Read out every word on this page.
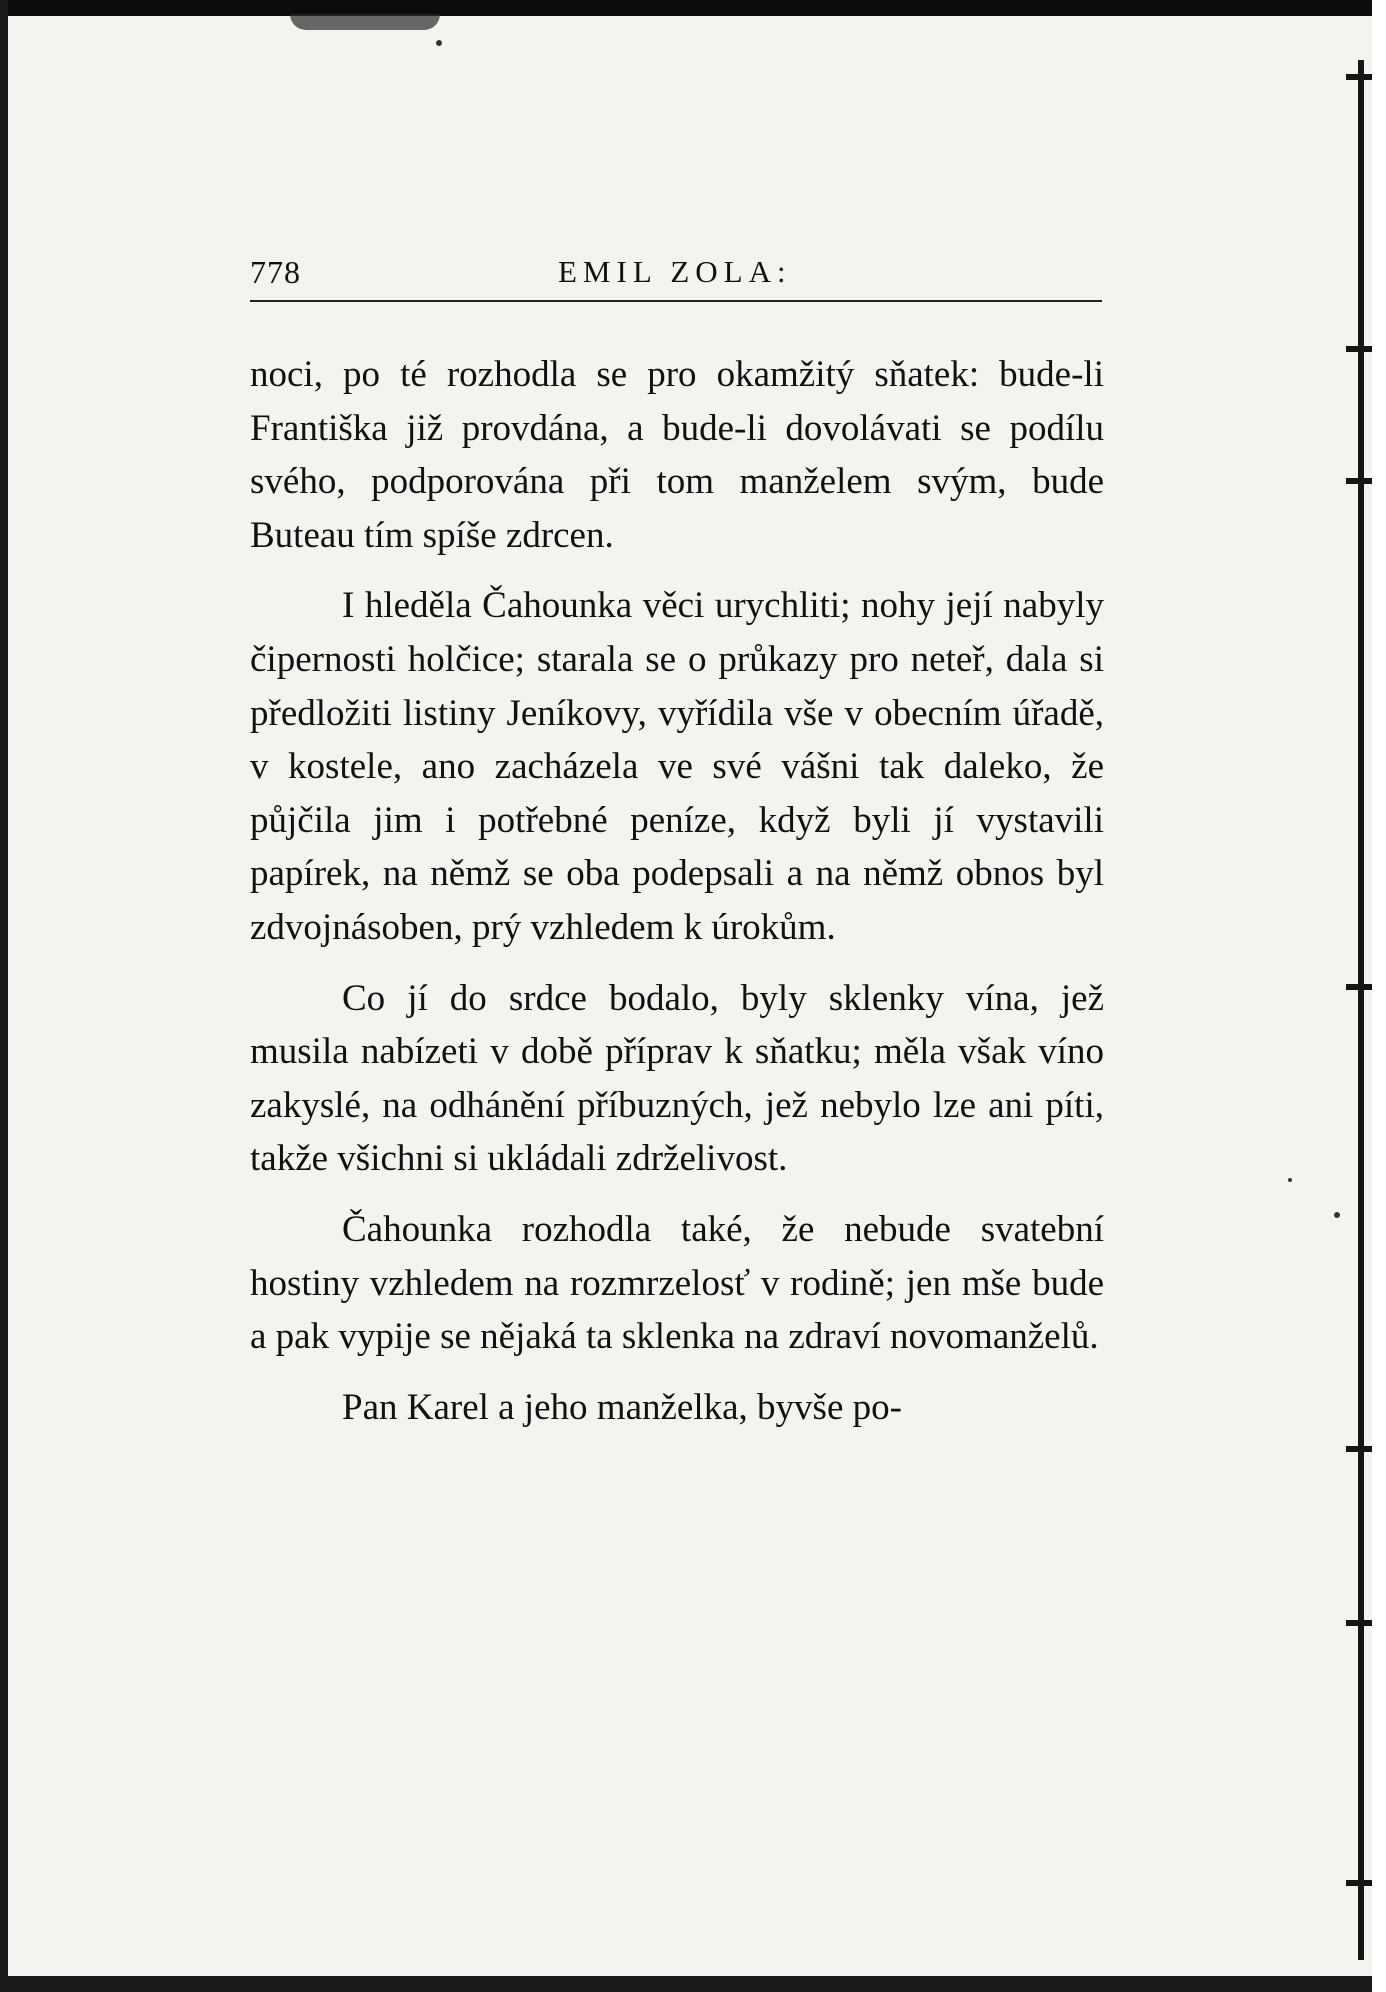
778	EMIL ZOLA:

noci, po té rozhodla se pro okamžitý sňatek: bude-li Františka již provdána, a bude-li dovolávati se podílu svého, podporována při tom manželem svým, bude Buteau tím spíše zdrcen.

I hleděla Čahounka věci urychliti; nohy její nabyly čipernosti holčice; starala se o průkazy pro neteř, dala si předložiti listiny Jeníkovy, vyřídila vše v obecním úřadě, v kostele, ano zacházela ve své vášni tak daleko, že půjčila jim i potřebné peníze, když byli jí vystavili papírek, na němž se oba podepsali a na němž obnos byl zdvojnásoben, prý vzhledem k úrokům.

Co jí do srdce bodalo, byly sklenky vína, jež musila nabízeti v době příprav k sňatku; měla však víno zakyslé, na odhánění příbuzných, jež nebylo lze ani píti, takže všichni si ukládali zdrželivost.

Čahounka rozhodla také, že nebude svatební hostiny vzhledem na rozmrzelosť v rodině; jen mše bude a pak vypije se nějaká ta sklenka na zdraví novomanželů.

Pan Karel a jeho manželka, byvše po-
